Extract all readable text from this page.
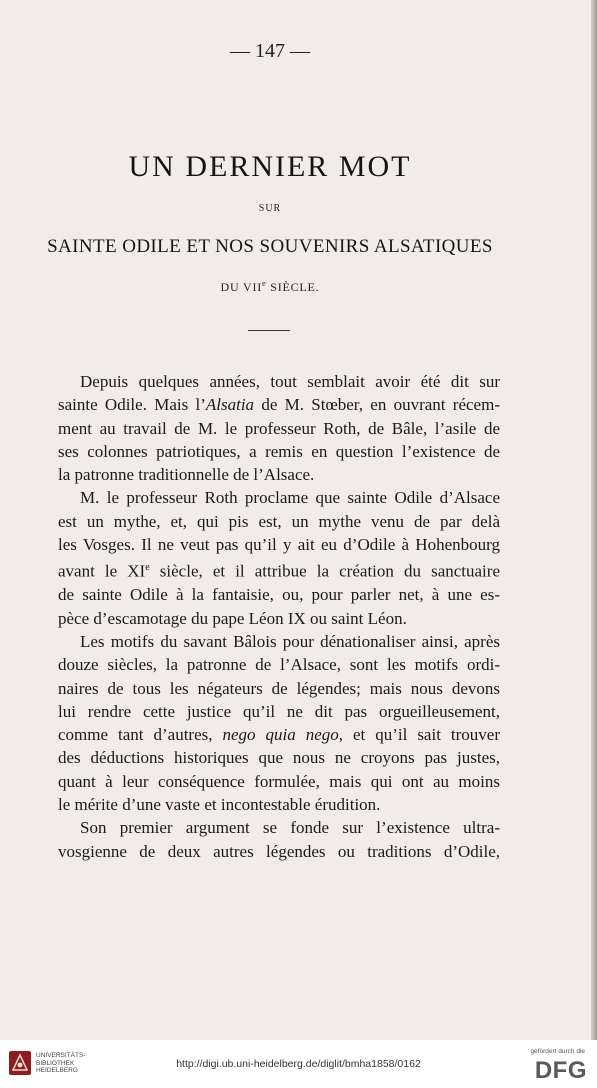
— 147 —
UN DERNIER MOT
SUR
SAINTE ODILE ET NOS SOUVENIRS ALSATIQUES
DU VIIe SIÈCLE.
Depuis quelques années, tout semblait avoir été dit sur
sainte Odile. Mais l’Alsatia de M. Stœber, en ouvrant récem-
ment au travail de M. le professeur Roth, de Bâle, l’asile de
ses colonnes patriotiques, a remis en question l’existence de
la patronne traditionnelle de l’Alsace.
M. le professeur Roth proclame que sainte Odile d’Alsace
est un mythe, et, qui pis est, un mythe venu de par delà
les Vosges. Il ne veut pas qu’il y ait eu d’Odile à Hohenbourg
avant le XIe siècle, et il attribue la création du sanctuaire
de sainte Odile à la fantaisie, ou, pour parler net, à une es-
pèce d’escamotage du pape Léon IX ou saint Léon.
Les motifs du savant Bâlois pour dénationaliser ainsi, après
douze siècles, la patronne de l’Alsace, sont les motifs ordi-
naires de tous les négateurs de légendes; mais nous devons
lui rendre cette justice qu’il ne dit pas orgueilleusement,
comme tant d’autres, nego quia nego, et qu’il sait trouver
des déductions historiques que nous ne croyons pas justes,
quant à leur conséquence formulée, mais qui ont au moins
le mérite d’une vaste et incontestable érudition.
Son premier argument se fonde sur l’existence ultra-
vosgienne de deux autres légendes ou traditions d’Odile,
UNIVERSITÄTS-
BIBLIOTHEK
HEIDELBERG
http://digi.ub.uni-heidelberg.de/diglit/bmha1858/0162
gefördert durch die
DFG
